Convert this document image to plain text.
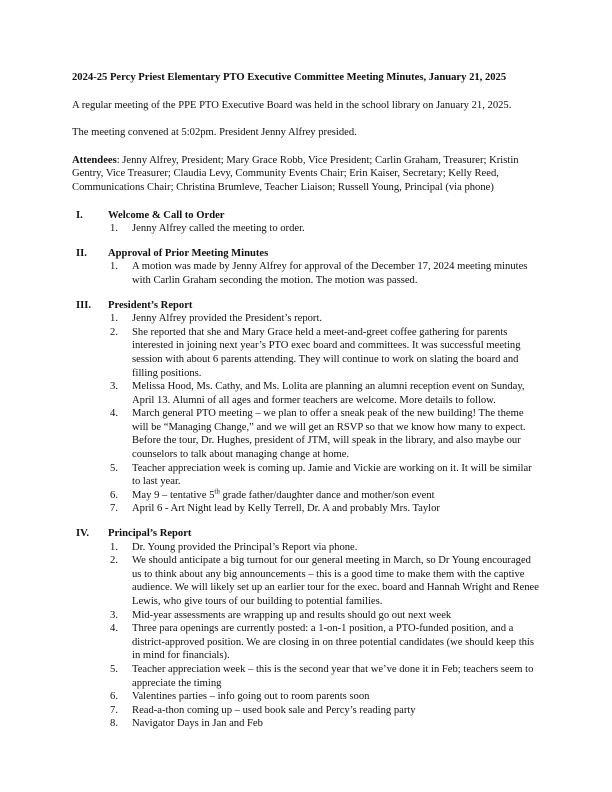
2024-25 Percy Priest Elementary PTO Executive Committee Meeting Minutes, January 21, 2025
A regular meeting of the PPE PTO Executive Board was held in the school library on January 21, 2025.
The meeting convened at 5:02pm. President Jenny Alfrey presided.
Attendees: Jenny Alfrey, President; Mary Grace Robb, Vice President; Carlin Graham, Treasurer; Kristin Gentry, Vice Treasurer; Claudia Levy, Community Events Chair; Erin Kaiser, Secretary; Kelly Reed, Communications Chair; Christina Brumleve, Teacher Liaison; Russell Young, Principal (via phone)
I.	Welcome & Call to Order
1.	Jenny Alfrey called the meeting to order.
II.	Approval of Prior Meeting Minutes
1.	A motion was made by Jenny Alfrey for approval of the December 17, 2024 meeting minutes with Carlin Graham seconding the motion. The motion was passed.
III.	President’s Report
1.	Jenny Alfrey provided the President’s report.
2.	She reported that she and Mary Grace held a meet-and-greet coffee gathering for parents interested in joining next year’s PTO exec board and committees. It was successful meeting session with about 6 parents attending. They will continue to work on slating the board and filling positions.
3.	Melissa Hood, Ms. Cathy, and Ms. Lolita are planning an alumni reception event on Sunday, April 13. Alumni of all ages and former teachers are welcome. More details to follow.
4.	March general PTO meeting – we plan to offer a sneak peak of the new building! The theme will be “Managing Change,” and we will get an RSVP so that we know how many to expect. Before the tour, Dr. Hughes, president of JTM, will speak in the library, and also maybe our counselors to talk about managing change at home.
5.	Teacher appreciation week is coming up. Jamie and Vickie are working on it. It will be similar to last year.
6.	May 9 – tentative 5th grade father/daughter dance and mother/son event
7.	April 6 - Art Night lead by Kelly Terrell, Dr. A and probably Mrs. Taylor
IV.	Principal’s Report
1.	Dr. Young provided the Principal’s Report via phone.
2.	We should anticipate a big turnout for our general meeting in March, so Dr Young encouraged us to think about any big announcements – this is a good time to make them with the captive audience. We will likely set up an earlier tour for the exec. board and Hannah Wright and Renee Lewis, who give tours of our building to potential families.
3.	Mid-year assessments are wrapping up and results should go out next week
4.	Three para openings are currently posted: a 1-on-1 position, a PTO-funded position, and a district-approved position. We are closing in on three potential candidates (we should keep this in mind for financials).
5.	Teacher appreciation week – this is the second year that we’ve done it in Feb; teachers seem to appreciate the timing
6.	Valentines parties – info going out to room parents soon
7.	Read-a-thon coming up – used book sale and Percy’s reading party
8.	Navigator Days in Jan and Feb
